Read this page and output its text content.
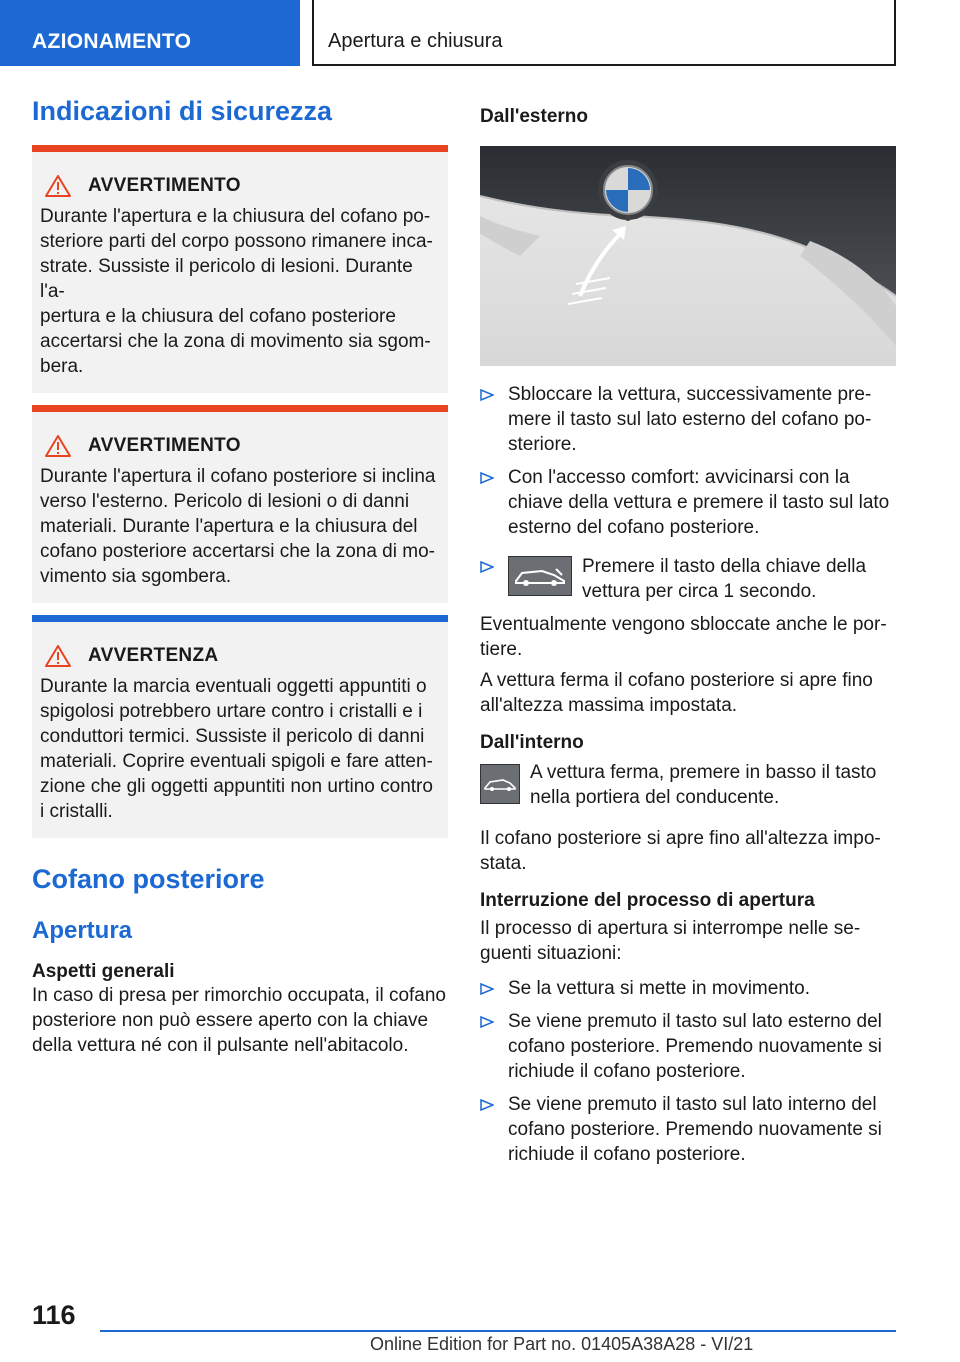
AZIONAMENTO	Apertura e chiusura
Indicazioni di sicurezza
AVVERTIMENTO

Durante l'apertura e la chiusura del cofano po-
steriore parti del corpo possono rimanere inca-
strate. Sussiste il pericolo di lesioni. Durante l'a-
pertura e la chiusura del cofano posteriore
accertarsi che la zona di movimento sia sgom-
bera.

AVVERTIMENTO

Durante l'apertura il cofano posteriore si inclina
verso l'esterno. Pericolo di lesioni o di danni
materiali. Durante l'apertura e la chiusura del
cofano posteriore accertarsi che la zona di mo-
vimento sia sgombera.

AVVERTENZA

Durante la marcia eventuali oggetti appuntiti o
spigolosi potrebbero urtare contro i cristalli e i
conduttori termici. Sussiste il pericolo di danni
materiali. Coprire eventuali spigoli e fare atten-
zione che gli oggetti appuntiti non urtino contro
i cristalli.

Cofano posteriore
Apertura
Aspetti generali

In caso di presa per rimorchio occupata, il cofano
posteriore non può essere aperto con la chiave
della vettura né con il pulsante nell'abitacolo.

Dall'esterno
Sbloccare la vettura, successivamente pre-
mere il tasto sul lato esterno del cofano po-
steriore.
Con l'accesso comfort: avvicinarsi con la
chiave della vettura e premere il tasto sul lato
esterno del cofano posteriore.
Premere il tasto della chiave della
vettura per circa 1 secondo.

Eventualmente vengono sbloccate anche le por-
tiere.

A vettura ferma il cofano posteriore si apre fino
all'altezza massima impostata.

Dall'interno

A vettura ferma, premere in basso il tasto
nella portiera del conducente.

Il cofano posteriore si apre fino all'altezza impo-
stata.

Interruzione del processo di apertura

Il processo di apertura si interrompe nelle se-
guenti situazioni:

Se la vettura si mette in movimento.
Se viene premuto il tasto sul lato esterno del
cofano posteriore. Premendo nuovamente si
richiude il cofano posteriore.
Se viene premuto il tasto sul lato interno del
cofano posteriore. Premendo nuovamente si
richiude il cofano posteriore.
116
Online Edition for Part no. 01405A38A28 - VI/21
